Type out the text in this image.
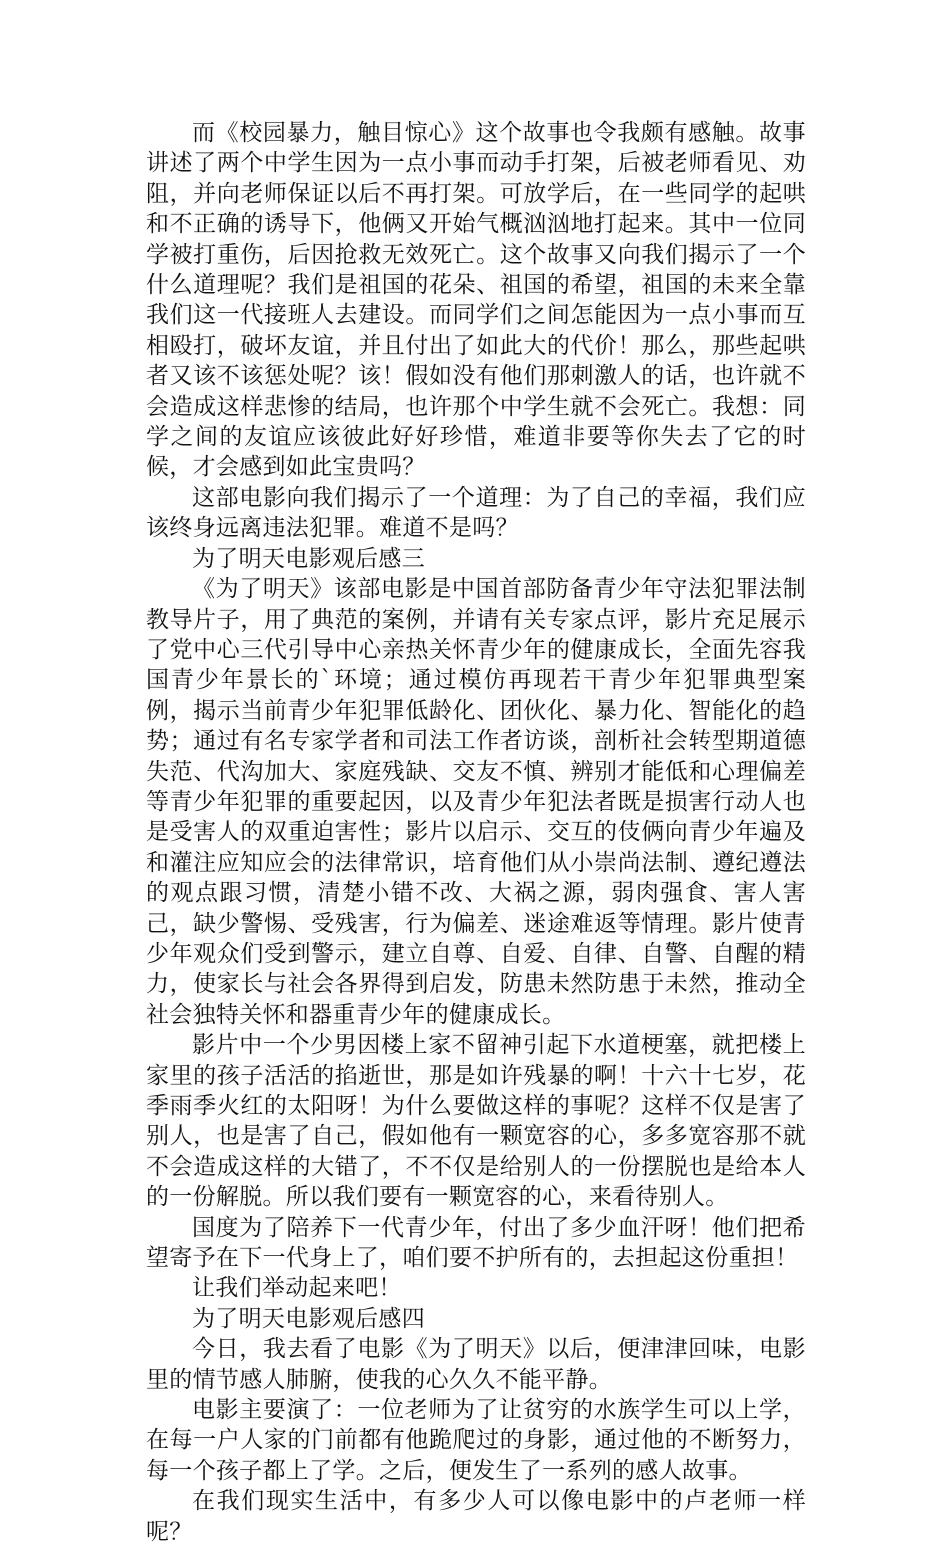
而《校园暴力，触目惊心》这个故事也令我颇有感触。故事讲述了两个中学生因为一点小事而动手打架，后被老师看见、劝阻，并向老师保证以后不再打架。可放学后，在一些同学的起哄和不正确的诱导下，他俩又开始气概汹汹地打起来。其中一位同学被打重伤，后因抢救无效死亡。这个故事又向我们揭示了一个什么道理呢？我们是祖国的花朵、祖国的希望，祖国的未来全靠我们这一代接班人去建设。而同学们之间怎能因为一点小事而互相殴打，破坏友谊，并且付出了如此大的代价！那么，那些起哄者又该不该惩处呢？该！假如没有他们那刺激人的话，也许就不会造成这样悲惨的结局，也许那个中学生就不会死亡。我想：同学之间的友谊应该彼此好好珍惜，难道非要等你失去了它的时候，才会感到如此宝贵吗？

这部电影向我们揭示了一个道理：为了自己的幸福，我们应该终身远离违法犯罪。难道不是吗？

为了明天电影观后感三

《为了明天》该部电影是中国首部防备青少年守法犯罪法制教导片子，用了典范的案例，并请有关专家点评，影片充足展示了党中心三代引导中心亲热关怀青少年的健康成长，全面先容我国青少年景长的`环境；通过模仿再现若干青少年犯罪典型案例，揭示当前青少年犯罪低龄化、团伙化、暴力化、智能化的趋势；通过有名专家学者和司法工作者访谈，剖析社会转型期道德失范、代沟加大、家庭残缺、交友不慎、辨别才能低和心理偏差等青少年犯罪的重要起因，以及青少年犯法者既是损害行动人也是受害人的双重迫害性；影片以启示、交互的伎俩向青少年遍及和灌注应知应会的法律常识，培育他们从小崇尚法制、遵纪遵法的观点跟习惯，清楚小错不改、大祸之源，弱肉强食、害人害己，缺少警惕、受残害，行为偏差、迷途难返等情理。影片使青少年观众们受到警示，建立自尊、自爱、自律、自警、自醒的精力，使家长与社会各界得到启发，防患未然防患于未然，推动全社会独特关怀和器重青少年的健康成长。

影片中一个少男因楼上家不留神引起下水道梗塞，就把楼上家里的孩子活活的掐逝世，那是如许残暴的啊！十六十七岁，花季雨季火红的太阳呀！为什么要做这样的事呢？这样不仅是害了别人，也是害了自己，假如他有一颗宽容的心，多多宽容那不就不会造成这样的大错了，不不仅是给别人的一份摆脱也是给本人的一份解脱。所以我们要有一颗宽容的心，来看待别人。

国度为了陪养下一代青少年，付出了多少血汗呀！他们把希望寄予在下一代身上了，咱们要不护所有的，去担起这份重担！

让我们举动起来吧！

为了明天电影观后感四

今日，我去看了电影《为了明天》以后，便津津回味，电影里的情节感人肺腑，使我的心久久不能平静。

电影主要演了：一位老师为了让贫穷的水族学生可以上学，在每一户人家的门前都有他跪爬过的身影，通过他的不断努力，每一个孩子都上了学。之后，便发生了一系列的感人故事。

在我们现实生活中，有多少人可以像电影中的卢老师一样呢？
